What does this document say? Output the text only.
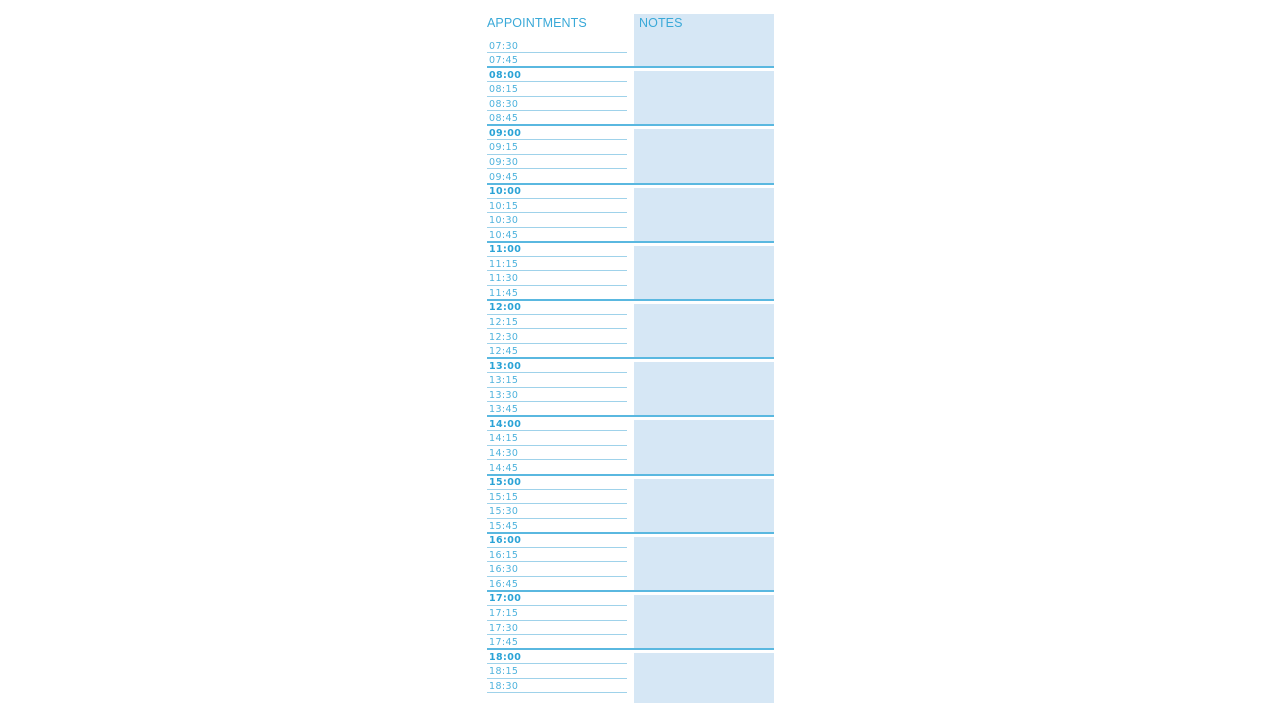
APPOINTMENTS	NOTES
07:30
07:45
08:00
08:15
08:30
08:45
09:00
09:15
09:30
09:45
10:00
10:15
10:30
10:45
11:00
11:15
11:30
11:45
12:00
12:15
12:30
12:45
13:00
13:15
13:30
13:45
14:00
14:15
14:30
14:45
15:00
15:15
15:30
15:45
16:00
16:15
16:30
16:45
17:00
17:15
17:30
17:45
18:00
18:15
18:30
